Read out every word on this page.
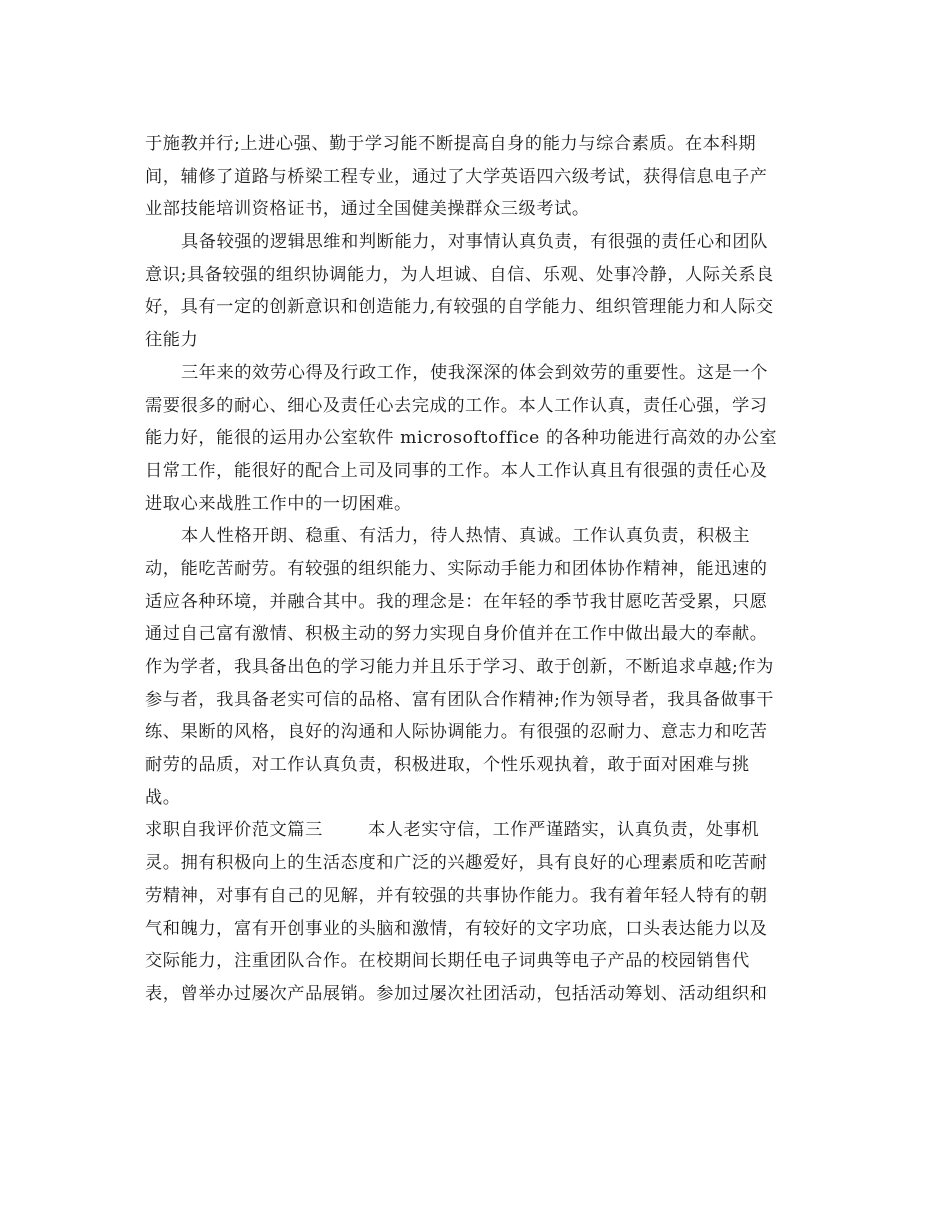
于施教并行;上进心强、勤于学习能不断提高自身的能力与综合素质。在本科期
间，辅修了道路与桥梁工程专业，通过了大学英语四六级考试，获得信息电子产
业部技能培训资格证书，通过全国健美操群众三级考试。
具备较强的逻辑思维和判断能力，对事情认真负责，有很强的责任心和团队
意识;具备较强的组织协调能力，为人坦诚、自信、乐观、处事冷静，人际关系良
好，具有一定的创新意识和创造能力,有较强的自学能力、组织管理能力和人际交
往能力
三年来的效劳心得及行政工作，使我深深的体会到效劳的重要性。这是一个
需要很多的耐心、细心及责任心去完成的工作。本人工作认真，责任心强，学习
能力好，能很的运用办公室软件 microsoftoffice 的各种功能进行高效的办公室
日常工作，能很好的配合上司及同事的工作。本人工作认真且有很强的责任心及
进取心来战胜工作中的一切困难。
本人性格开朗、稳重、有活力，待人热情、真诚。工作认真负责，积极主
动，能吃苦耐劳。有较强的组织能力、实际动手能力和团体协作精神，能迅速的
适应各种环境，并融合其中。我的理念是：在年轻的季节我甘愿吃苦受累，只愿
通过自己富有激情、积极主动的努力实现自身价值并在工作中做出最大的奉献。
作为学者，我具备出色的学习能力并且乐于学习、敢于创新，不断追求卓越;作为
参与者，我具备老实可信的品格、富有团队合作精神;作为领导者，我具备做事干
练、果断的风格，良好的沟通和人际协调能力。有很强的忍耐力、意志力和吃苦
耐劳的品质，对工作认真负责，积极进取，个性乐观执着，敢于面对困难与挑
战。
求职自我评价范文篇三	本人老实守信，工作严谨踏实，认真负责，处事机
灵。拥有积极向上的生活态度和广泛的兴趣爱好，具有良好的心理素质和吃苦耐
劳精神，对事有自己的见解，并有较强的共事协作能力。我有着年轻人特有的朝
气和魄力，富有开创事业的头脑和激情，有较好的文字功底，口头表达能力以及
交际能力，注重团队合作。在校期间长期任电子词典等电子产品的校园销售代
表，曾举办过屡次产品展销。参加过屡次社团活动，包括活动筹划、活动组织和
